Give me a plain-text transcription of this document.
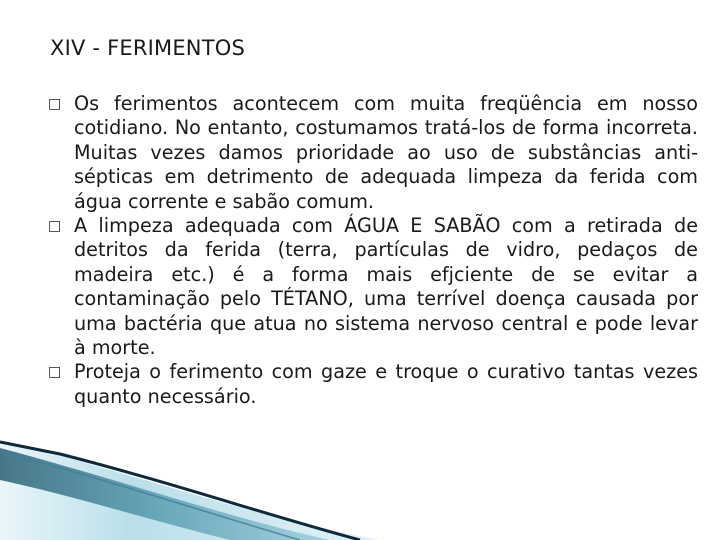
XIV - FERIMENTOS
□ Os ferimentos acontecem com muita freqüência em nosso cotidiano. No entanto, costumamos tratá-los de forma incorreta. Muitas vezes damos prioridade ao uso de substâncias anti-sépticas em detrimento de adequada limpeza da ferida com água corrente e sabão comum.
□ A limpeza adequada com ÁGUA E SABÃO com a retirada de detritos da ferida (terra, partículas de vidro, pedaços de madeira etc.) é a forma mais efjciente de se evitar a contaminação pelo TÉTANO, uma terrível doença causada por uma bactéria que atua no sistema nervoso central e pode levar à morte.
□ Proteja o ferimento com gaze e troque o curativo tantas vezes quanto necessário.
